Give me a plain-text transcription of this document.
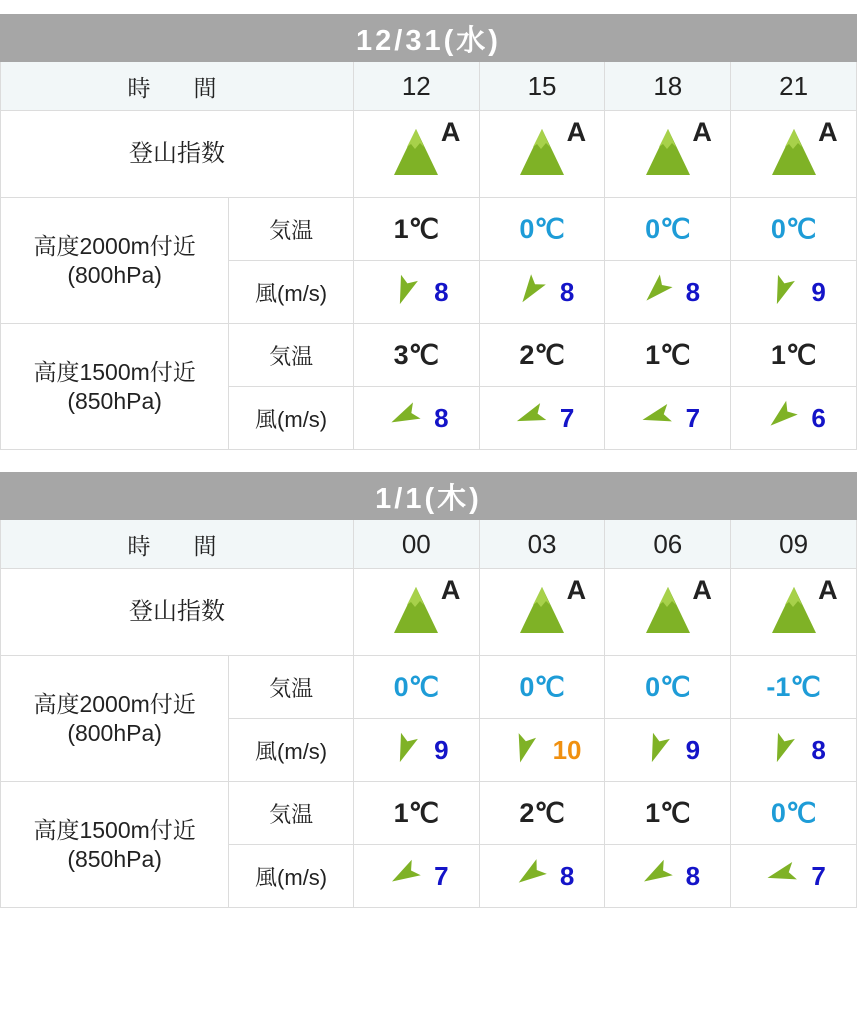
12/31(水)					
時　間		12	15	18	21
登山指数		A	A	A	A

高度2000m付近
(800hPa)	気温	1℃	0℃	0℃	0℃
	風(m/s)	8	8	8	9

高度1500m付近
(850hPa)	気温	3℃	2℃	1℃	1℃
	風(m/s)	8	7	7	6
1/1(木)					
時　間		00	03	06	09
登山指数		A	A	A	A

高度2000m付近
(800hPa)	気温	0℃	0℃	0℃	-1℃
	風(m/s)	9	10	9	8

高度1500m付近
(850hPa)	気温	1℃	2℃	1℃	0℃
	風(m/s)	7	8	8	7
